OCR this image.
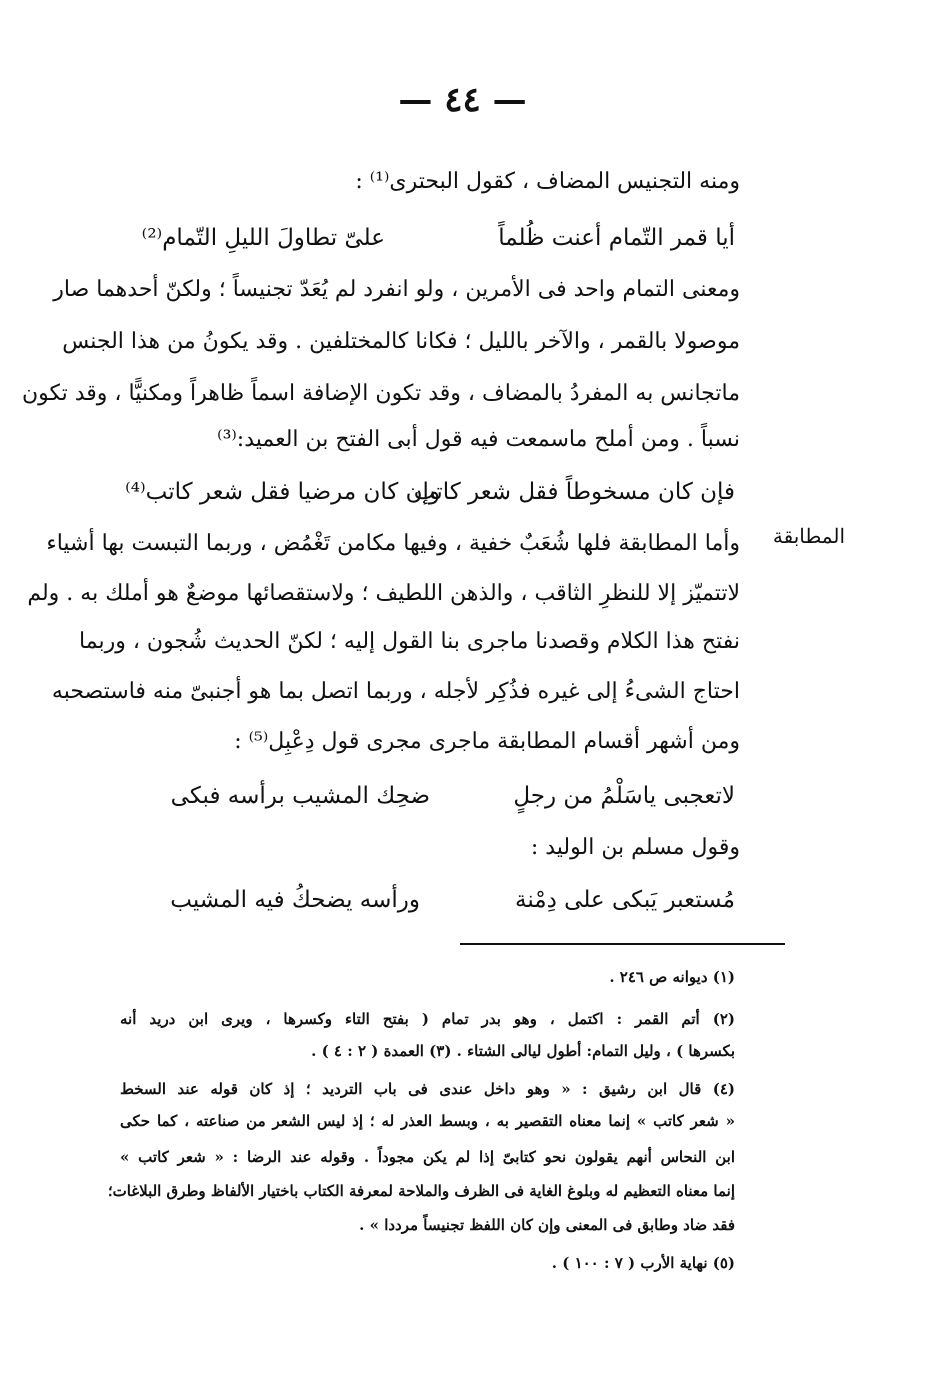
— ٤٤ —
ومنه التجنيس المضاف ، كقول البحترى⁽¹⁾ :
أيا قمر التّمام أعنت ظُلماً
علىّ تطاولَ الليلِ التّمام⁽²⁾
ومعنى التمام واحد فى الأمرين ، ولو انفرد لم يُعَدّ تجنيساً ؛ ولكنّ أحدهما صار
موصولا بالقمر ، والآخر بالليل ؛ فكانا كالمختلفين . وقد يكونُ من هذا الجنس
ماتجانس به المفردُ بالمضاف ، وقد تكون الإضافة اسماً ظاهراً ومكنيًّا ، وقد تكون
نسباً . ومن أملح ماسمعت فيه قول أبى الفتح بن العميد:⁽³⁾
فإن كان مسخوطاً فقل شعر كاتب
وإن كان مرضيا فقل شعر كاتب⁽⁴⁾
المطابقة
وأما المطابقة فلها شُعَبٌ خفية ، وفيها مكامن تَغْمُض ، وربما التبست بها أشياء
لاتتميّز إلا للنظرِ الثاقب ، والذهن اللطيف ؛ ولاستقصائها موضعٌ هو أملك به . ولم
نفتح هذا الكلام وقصدنا ماجرى بنا القول إليه ؛ لكنّ الحديث شُجون ، وربما
احتاج الشىءُ إلى غيره فذُكِر لأجله ، وربما اتصل بما هو أجنبىّ منه فاستصحبه
ومن أشهر أقسام المطابقة ماجرى مجرى قول دِعْبِل⁽⁵⁾ :
لاتعجبى ياسَلْمُ من رجلٍ
ضحِك المشيب برأسه فبكى
وقول مسلم بن الوليد :
مُستعبر يَبكى على دِمْنة
ورأسه يضحكُ فيه المشيب
(١) ديوانه ص ٢٤٦ .
(٢) أتم القمر : اكتمل ، وهو بدر تمام ( بفتح التاء وكسرها ، ويرى ابن دريد أنه
بكسرها ) ، وليل التمام: أطول ليالى الشتاء . (٣) العمدة ( ٢ : ٤ ) .
(٤) قال ابن رشيق : « وهو داخل عندى فى باب الترديد ؛ إذ كان قوله عند السخط
« شعر كاتب » إنما معناه التقصير به ، وبسط العذر له ؛ إذ ليس الشعر من صناعته ، كما حكى
ابن النحاس أنهم يقولون نحو كتابىّ إذا لم يكن مجوداً . وقوله عند الرضا : « شعر كاتب »
إنما معناه التعظيم له وبلوغ الغاية فى الظرف والملاحة لمعرفة الكتاب باختيار الألفاظ وطرق البلاغات؛
فقد ضاد وطابق فى المعنى وإن كان اللفظ تجنيساً مرددا » .
(٥) نهاية الأرب ( ٧ : ١٠٠ ) .
